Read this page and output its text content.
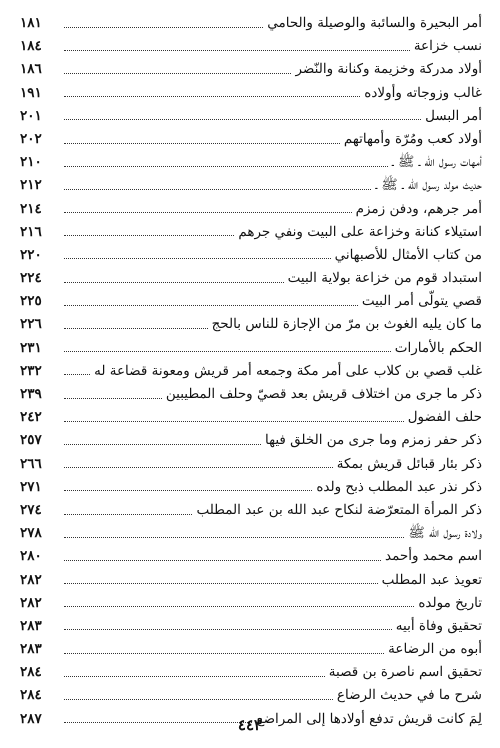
أمر البحيرة والسائبة والوصيلة والحامي
١٨١
نسب خزاعة
١٨٤
أولاد مدركة وخزيمة وكنانة والنّضر
١٨٦
غالب وزوجاته وأولاده
١٩١
أمر البسل
٢٠١
أولاد كعب ومُرّة وأمهاتهم
٢٠٢
أمهات رسول الله ـ ﷺ ـ
٢١٠
حديث مولد رسول الله ـ ﷺ ـ
٢١٢
أمر جرهم، ودفن زمزم
٢١٤
استيلاء كنانة وخزاعة على البيت ونفي جرهم
٢١٦
من كتاب الأمثال للأصبهاني
٢٢٠
استبداد قوم من خزاعة بولاية البيت
٢٢٤
قصي يتولّى أمر البيت
٢٢٥
ما كان يليه الغوث بن مرّ من الإجازة للناس بالحج
٢٢٦
الحكم بالأمارات
٢٣١
غلب قصي بن كلاب على أمر مكة وجمعه أمر قريش ومعونة قضاعة له
٢٣٢
ذكر ما جرى من اختلاف قريش بعد قصيّ وحلف المطيبين
٢٣٩
حلف الفضول
٢٤٢
ذكر حفر زمزم وما جرى من الخلق فيها
٢٥٧
ذكر بئار قبائل قريش بمكة
٢٦٦
ذكر نذر عبد المطلب ذبح ولده
٢٧١
ذكر المرأة المتعرّضة لنكاح عبد الله بن عبد المطلب
٢٧٤
ولادة رسول الله ﷺ
٢٧٨
اسم محمد وأحمد
٢٨٠
تعويذ عبد المطلب
٢٨٢
تاريخ مولده
٢٨٢
تحقيق وفاة أبيه
٢٨٣
أبوه من الرضاعة
٢٨٣
تحقيق اسم ناصرة بن قصبة
٢٨٤
شرح ما في حديث الرضاع
٢٨٤
لِمَ كانت قريش تدفع أولادها إلى المراضع
٢٨٧	٤٤٣
